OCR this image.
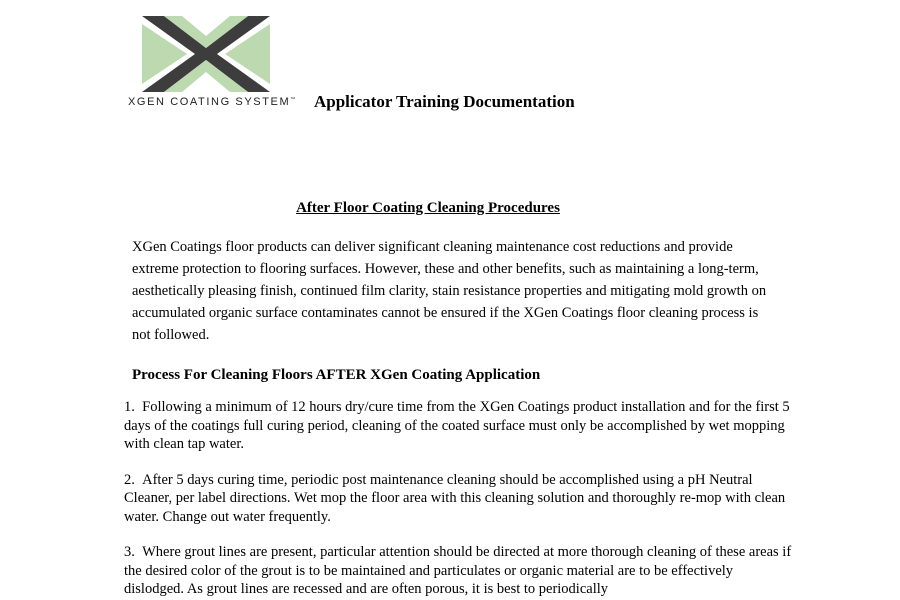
XGEN COATING SYSTEM™ Applicator Training Documentation
After Floor Coating Cleaning Procedures
XGen Coatings floor products can deliver significant cleaning maintenance cost reductions and provide extreme protection to flooring surfaces. However, these and other benefits, such as maintaining a long-term, aesthetically pleasing finish, continued film clarity, stain resistance properties and mitigating mold growth on accumulated organic surface contaminates cannot be ensured if the XGen Coatings floor cleaning process is not followed.
Process For Cleaning Floors AFTER XGen Coating Application

1. Following a minimum of 12 hours dry/cure time from the XGen Coatings product installation and for the first 5 days of the coatings full curing period, cleaning of the coated surface must only be accomplished by wet mopping with clean tap water.

2. After 5 days curing time, periodic post maintenance cleaning should be accomplished using a pH Neutral Cleaner, per label directions. Wet mop the floor area with this cleaning solution and thoroughly re-mop with clean water. Change out water frequently.

3. Where grout lines are present, particular attention should be directed at more thorough cleaning of these areas if the desired color of the grout is to be maintained and particulates or organic material are to be effectively dislodged. As grout lines are recessed and are often porous, it is best to periodically
